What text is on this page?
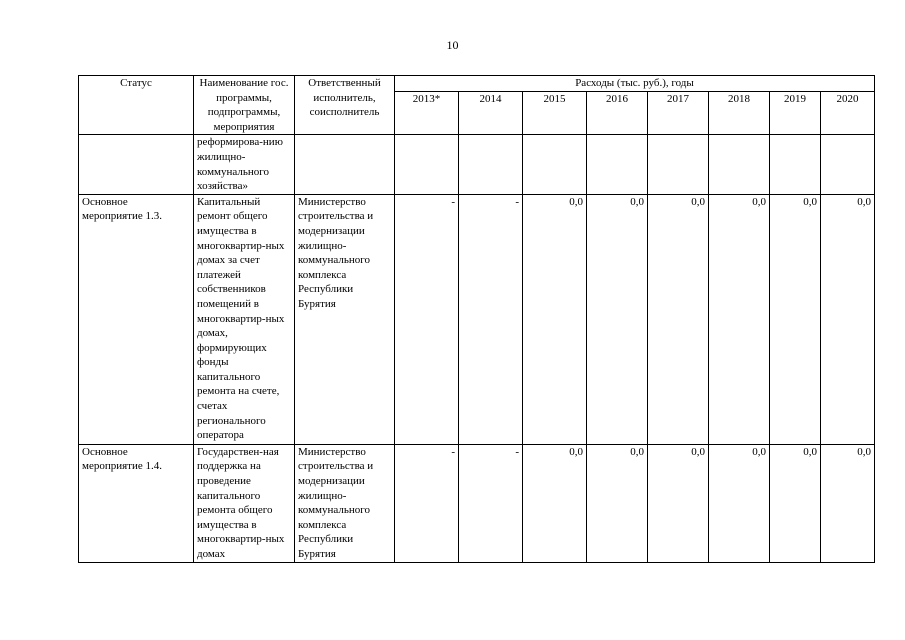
10
Статус	Наименование гос. программы, подпрограммы, мероприятия	Ответственный исполнитель, соисполнитель	Расходы (тыс. руб.), годы							
			2013*	2014	2015	2016	2017	2018	2019	2020
	реформирова-нию жилищно-коммунального хозяйства»									
Основное мероприятие 1.3.	Капитальный ремонт общего имущества в многоквартир-ных домах за счет платежей собственников помещений в многоквартир-ных домах, формирующих фонды капитального ремонта на счете, счетах регионального оператора	Министерство строительства и модернизации жилищно-коммунального комплекса Республики Бурятия	-	-	0,0	0,0	0,0	0,0	0,0	0,0
Основное мероприятие 1.4.	Государствен-ная поддержка на проведение капитального ремонта общего имущества в многоквартир-ных домах	Министерство строительства и модернизации жилищно-коммунального комплекса Республики Бурятия	-	-	0,0	0,0	0,0	0,0	0,0	0,0
